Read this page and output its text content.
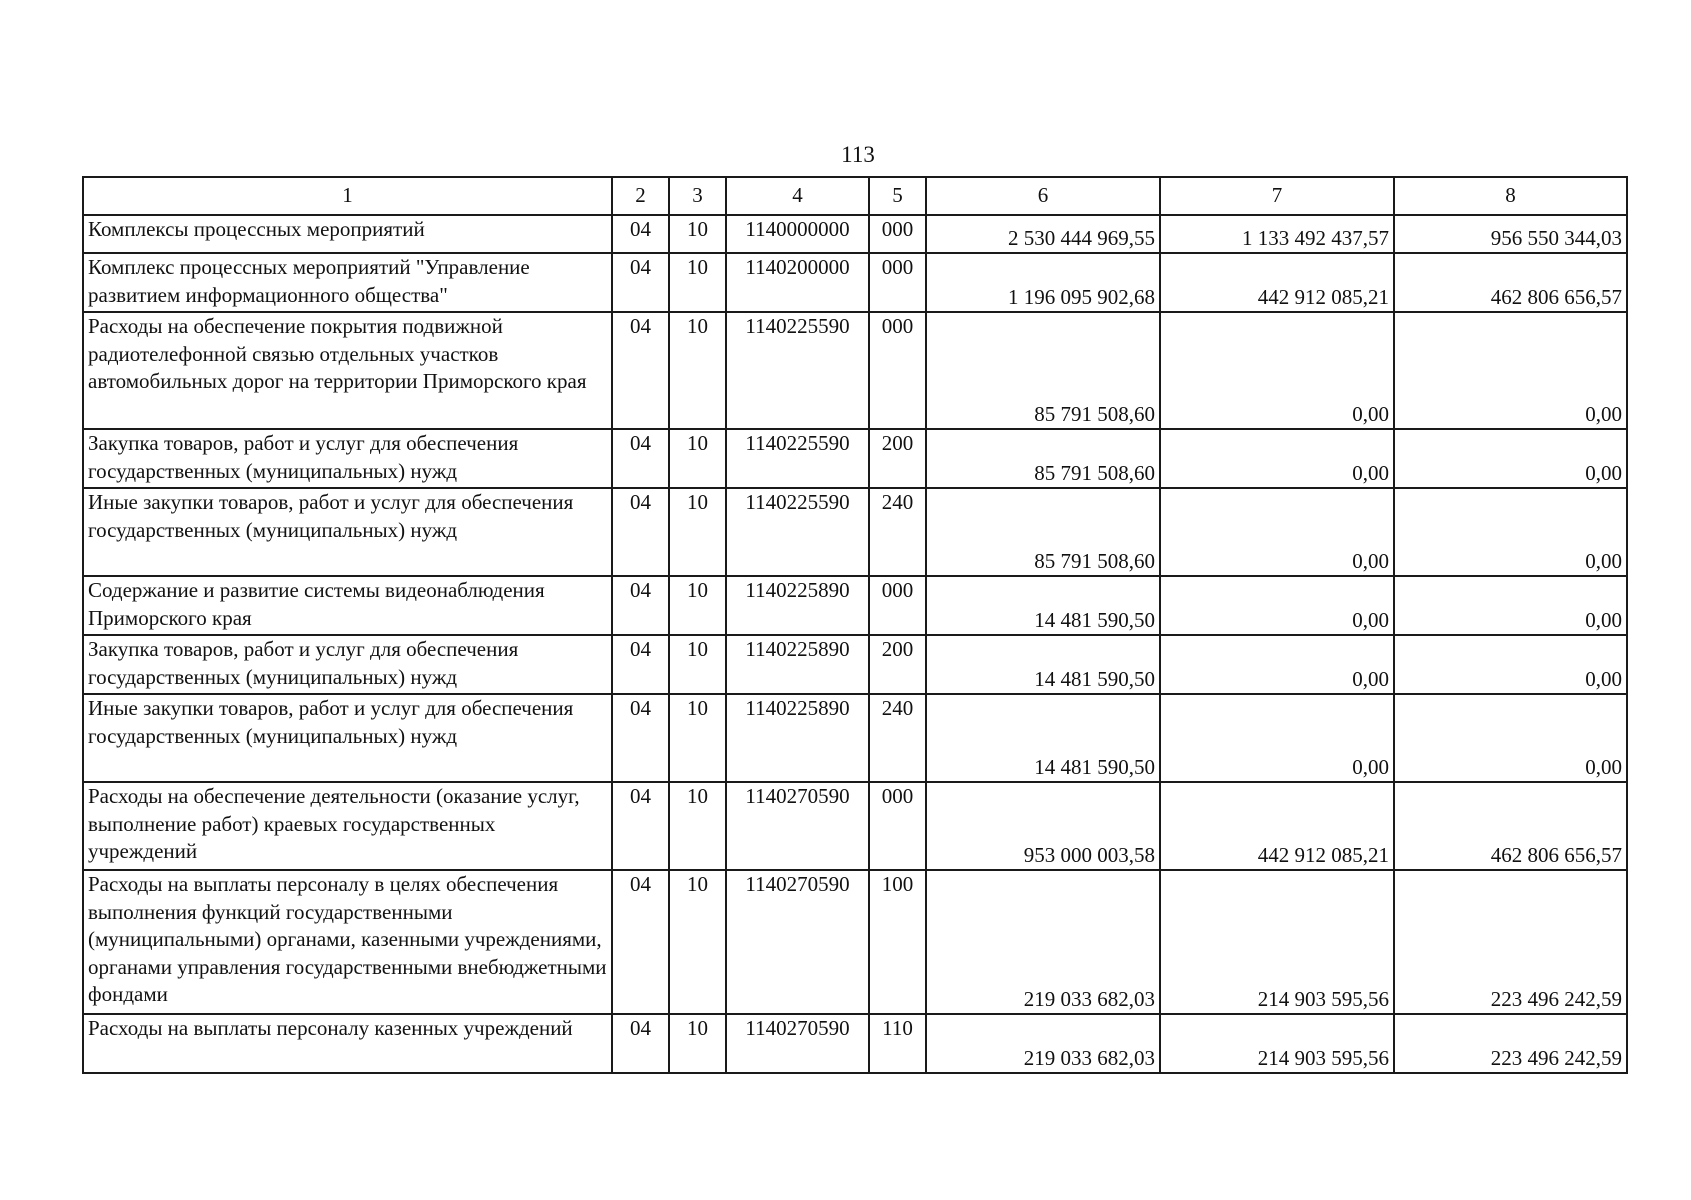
113
1	2	3	4	5	6	7	8
Комплексы процессных мероприятий	04	10	1140000000	000	2 530 444 969,55	1 133 492 437,57	956 550 344,03
Комплекс процессных мероприятий "Управление развитием информационного общества"	04	10	1140200000	000	1 196 095 902,68	442 912 085,21	462 806 656,57
Расходы на обеспечение покрытия подвижной радиотелефонной связью отдельных участков автомобильных дорог на территории Приморского края	04	10	1140225590	000	85 791 508,60	0,00	0,00
Закупка товаров, работ и услуг для обеспечения государственных (муниципальных) нужд	04	10	1140225590	200	85 791 508,60	0,00	0,00
Иные закупки товаров, работ и услуг для обеспечения государственных (муниципальных) нужд	04	10	1140225590	240	85 791 508,60	0,00	0,00
Содержание и развитие системы видеонаблюдения Приморского края	04	10	1140225890	000	14 481 590,50	0,00	0,00
Закупка товаров, работ и услуг для обеспечения государственных (муниципальных) нужд	04	10	1140225890	200	14 481 590,50	0,00	0,00
Иные закупки товаров, работ и услуг для обеспечения государственных (муниципальных) нужд	04	10	1140225890	240	14 481 590,50	0,00	0,00
Расходы на обеспечение деятельности (оказание услуг, выполнение работ) краевых государственных учреждений	04	10	1140270590	000	953 000 003,58	442 912 085,21	462 806 656,57
Расходы на выплаты персоналу в целях обеспечения выполнения функций государственными (муниципальными) органами, казенными учреждениями, органами управления государственными внебюджетными фондами	04	10	1140270590	100	219 033 682,03	214 903 595,56	223 496 242,59
Расходы на выплаты персоналу казенных учреждений	04	10	1140270590	110	219 033 682,03	214 903 595,56	223 496 242,59
